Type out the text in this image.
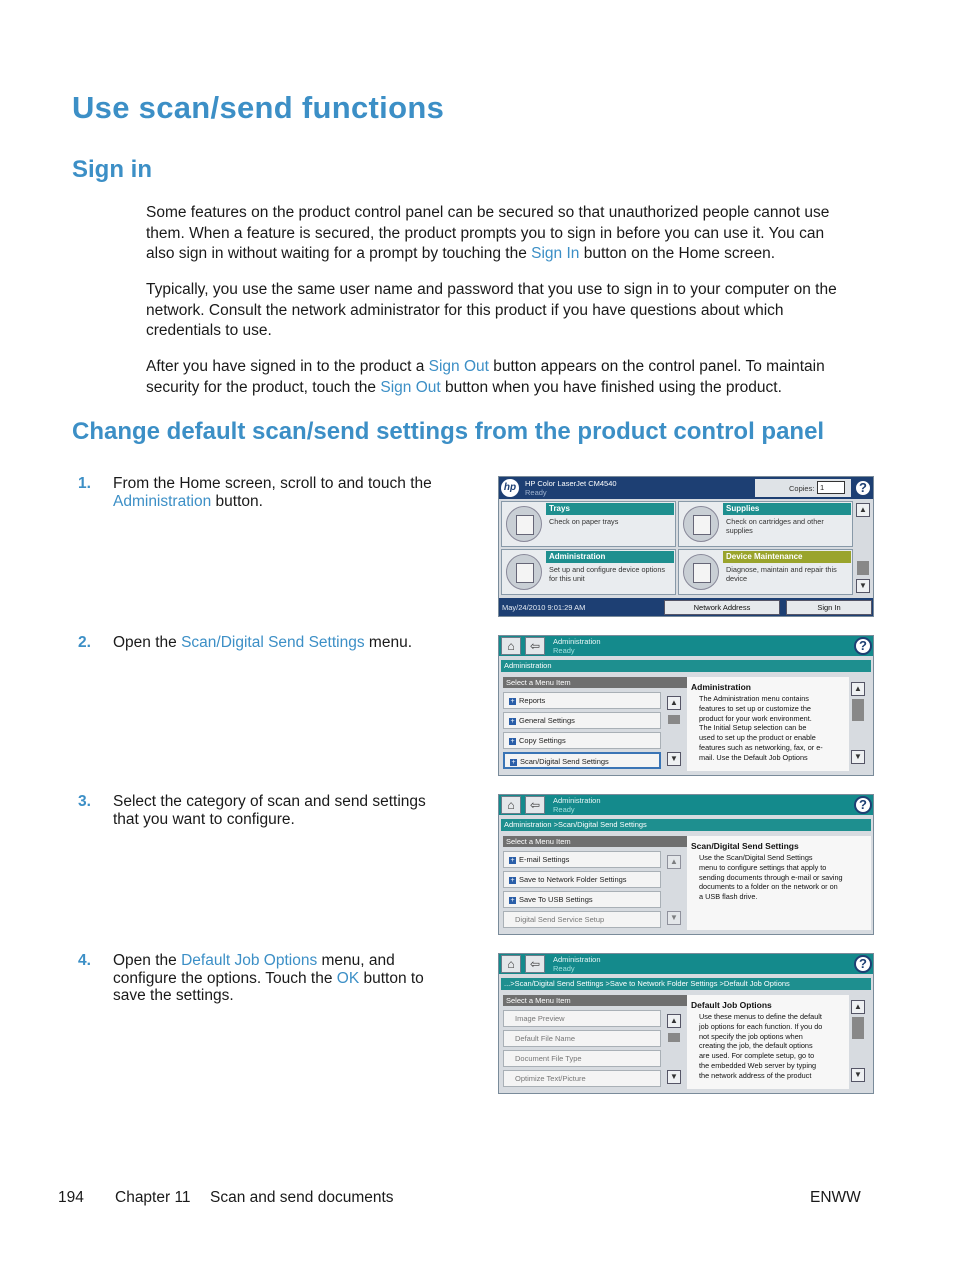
Use scan/send functions
Sign in
Some features on the product control panel can be secured so that unauthorized people cannot use
them. When a feature is secured, the product prompts you to sign in before you can use it. You can
also sign in without waiting for a prompt by touching the Sign In button on the Home screen.
Typically, you use the same user name and password that you use to sign in to your computer on the
network. Consult the network administrator for this product if you have questions about which
credentials to use.
After you have signed in to the product a Sign Out button appears on the control panel. To maintain
security for the product, touch the Sign Out button when you have finished using the product.
Change default scan/send settings from the product control panel
1. From the Home screen, scroll to and touch the
Administration button.
2. Open the Scan/Digital Send Settings menu.
3. Select the category of scan and send settings
that you want to configure.
4. Open the Default Job Options menu, and
configure the options. Touch the OK button to
save the settings.
hp	HP Color LaserJet CM4540
Ready	Copies: 1	?
Trays
Check on paper trays
Supplies
Check on cartridges and other supplies
Administration
Set up and configure device options for this unit
Device Maintenance
Diagnose, maintain and repair this device
▲
▼
May/24/2010 9:01:29 AM	Network Address	Sign In
⌂	⇦	Administration
Ready	?
Administration
Select a Menu Item
+ Reports
+ General Settings
+ Copy Settings
+ Scan/Digital Send Settings
▲
▼
Administration
The Administration menu contains
features to set up or customize the
product for your work environment.
The Initial Setup selection can be
used to set up the product or enable
features such as networking, fax, or e-
mail. Use the Default Job Options
▲
▼
⌂	⇦	Administration
Ready	?
Administration >Scan/Digital Send Settings
Select a Menu Item
+ E-mail Settings
+ Save to Network Folder Settings
+ Save To USB Settings
Digital Send Service Setup
▲
▼
Scan/Digital Send Settings
Use the Scan/Digital Send Settings
menu to configure settings that apply to
sending documents through e-mail or saving
documents to a folder on the network or on
a USB flash drive.
⌂	⇦	Administration
Ready	?
...>Scan/Digital Send Settings >Save to Network Folder Settings >Default Job Options
Select a Menu Item
Image Preview
Default File Name
Document File Type
Optimize Text/Picture
▲
▼
Default Job Options
Use these menus to define the default
job options for each function. If you do
not specify the job options when
creating the job, the default options
are used. For complete setup, go to
the embedded Web server by typing
the network address of the product
▲
▼
194 Chapter 11 Scan and send documents	ENWW
